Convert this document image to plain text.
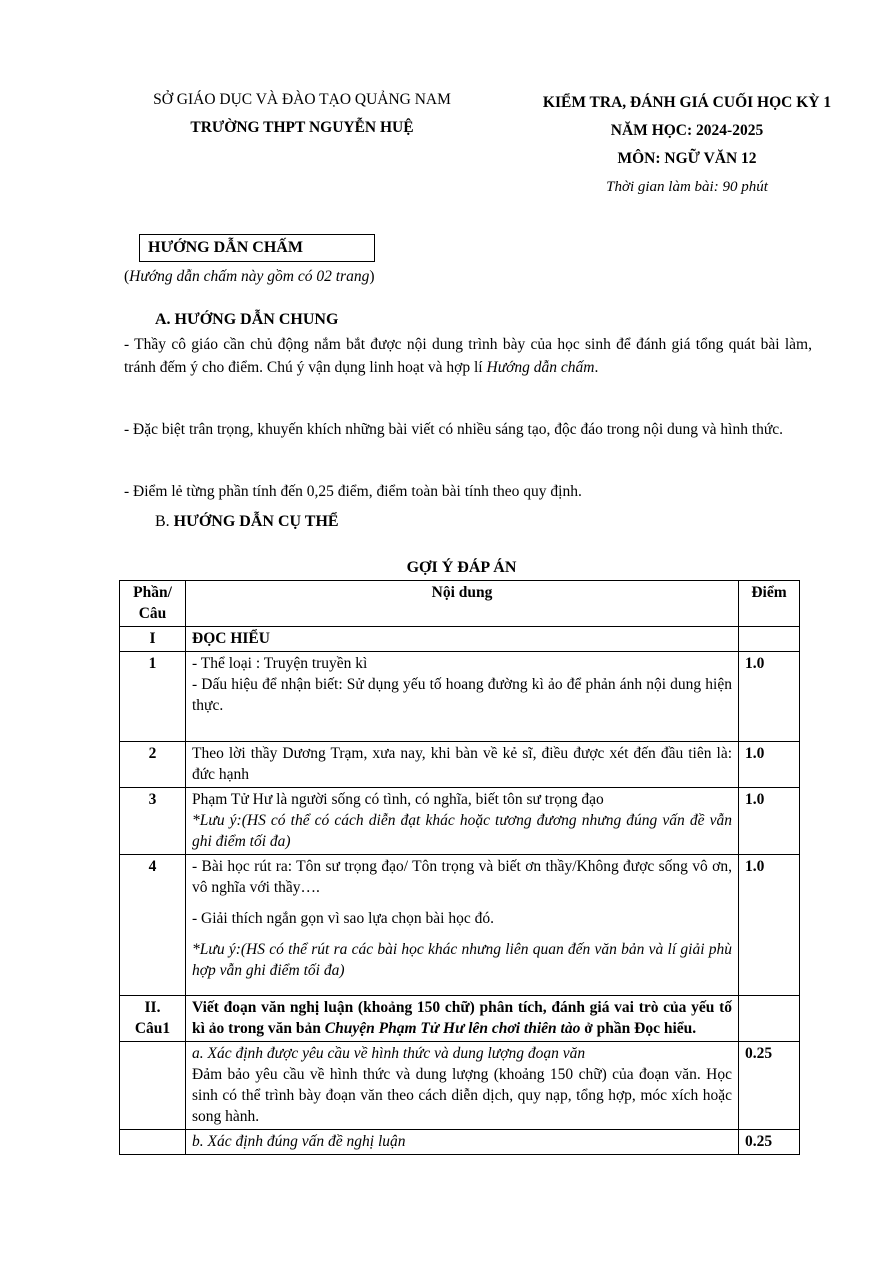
SỞ GIÁO DỤC VÀ ĐÀO TẠO QUẢNG NAM
TRƯỜNG THPT NGUYỄN HUỆ
KIỂM TRA, ĐÁNH GIÁ CUỐI HỌC KỲ 1
NĂM HỌC: 2024-2025
MÔN: NGỮ VĂN 12
Thời gian làm bài: 90 phút
HƯỚNG DẪN CHẤM
(Hướng dẫn chấm này gồm có 02 trang)
A. HƯỚNG DẪN CHUNG
- Thầy cô giáo cần chủ động nắm bắt được nội dung trình bày của học sinh để đánh giá tổng quát bài làm, tránh đếm ý cho điểm. Chú ý vận dụng linh hoạt và hợp lí Hướng dẫn chấm.
- Đặc biệt trân trọng, khuyến khích những bài viết có nhiều sáng tạo, độc đáo trong nội dung và hình thức.
- Điểm lẻ từng phần tính đến 0,25 điểm, điểm toàn bài tính theo quy định.
B. HƯỚNG DẪN CỤ THỂ
GỢI Ý ĐÁP ÁN
Phần/ Câu	Nội dung	Điểm
I	ĐỌC HIỂU	
1	- Thể loại : Truyện truyền kì

- Dấu hiệu để nhận biết: Sử dụng yếu tố hoang đường kì ảo để phản ánh nội dung hiện thực.	1.0
2	Theo lời thầy Dương Trạm, xưa nay, khi bàn về kẻ sĩ, điều được xét đến đầu tiên là: đức hạnh	1.0
3	Phạm Tử Hư là người sống có tình, có nghĩa, biết tôn sư trọng đạo

*Lưu ý:(HS có thể có cách diễn đạt khác hoặc tương đương nhưng đúng vấn đề vẫn ghi điểm tối đa)	1.0
4	- Bài học rút ra: Tôn sư trọng đạo/ Tôn trọng và biết ơn thầy/Không được sống vô ơn, vô nghĩa với thầy….

- Giải thích ngắn gọn vì sao lựa chọn bài học đó.

*Lưu ý:(HS có thể rút ra các bài học khác nhưng liên quan đến văn bản và lí giải phù hợp vẫn ghi điểm tối đa)	1.0

II.
Câu1	Viết đoạn văn nghị luận (khoảng 150 chữ) phân tích, đánh giá vai trò của yếu tố kì ảo trong văn bản Chuyện Phạm Tử Hư lên chơi thiên tào ở phần Đọc hiểu.	

	a. Xác định được yêu cầu về hình thức và dung lượng đoạn văn

Đảm bảo yêu cầu về hình thức và dung lượng (khoảng 150 chữ) của đoạn văn. Học sinh có thể trình bày đoạn văn theo cách diễn dịch, quy nạp, tổng hợp, móc xích hoặc song hành.	0.25
	b. Xác định đúng vấn đề nghị luận	0.25
